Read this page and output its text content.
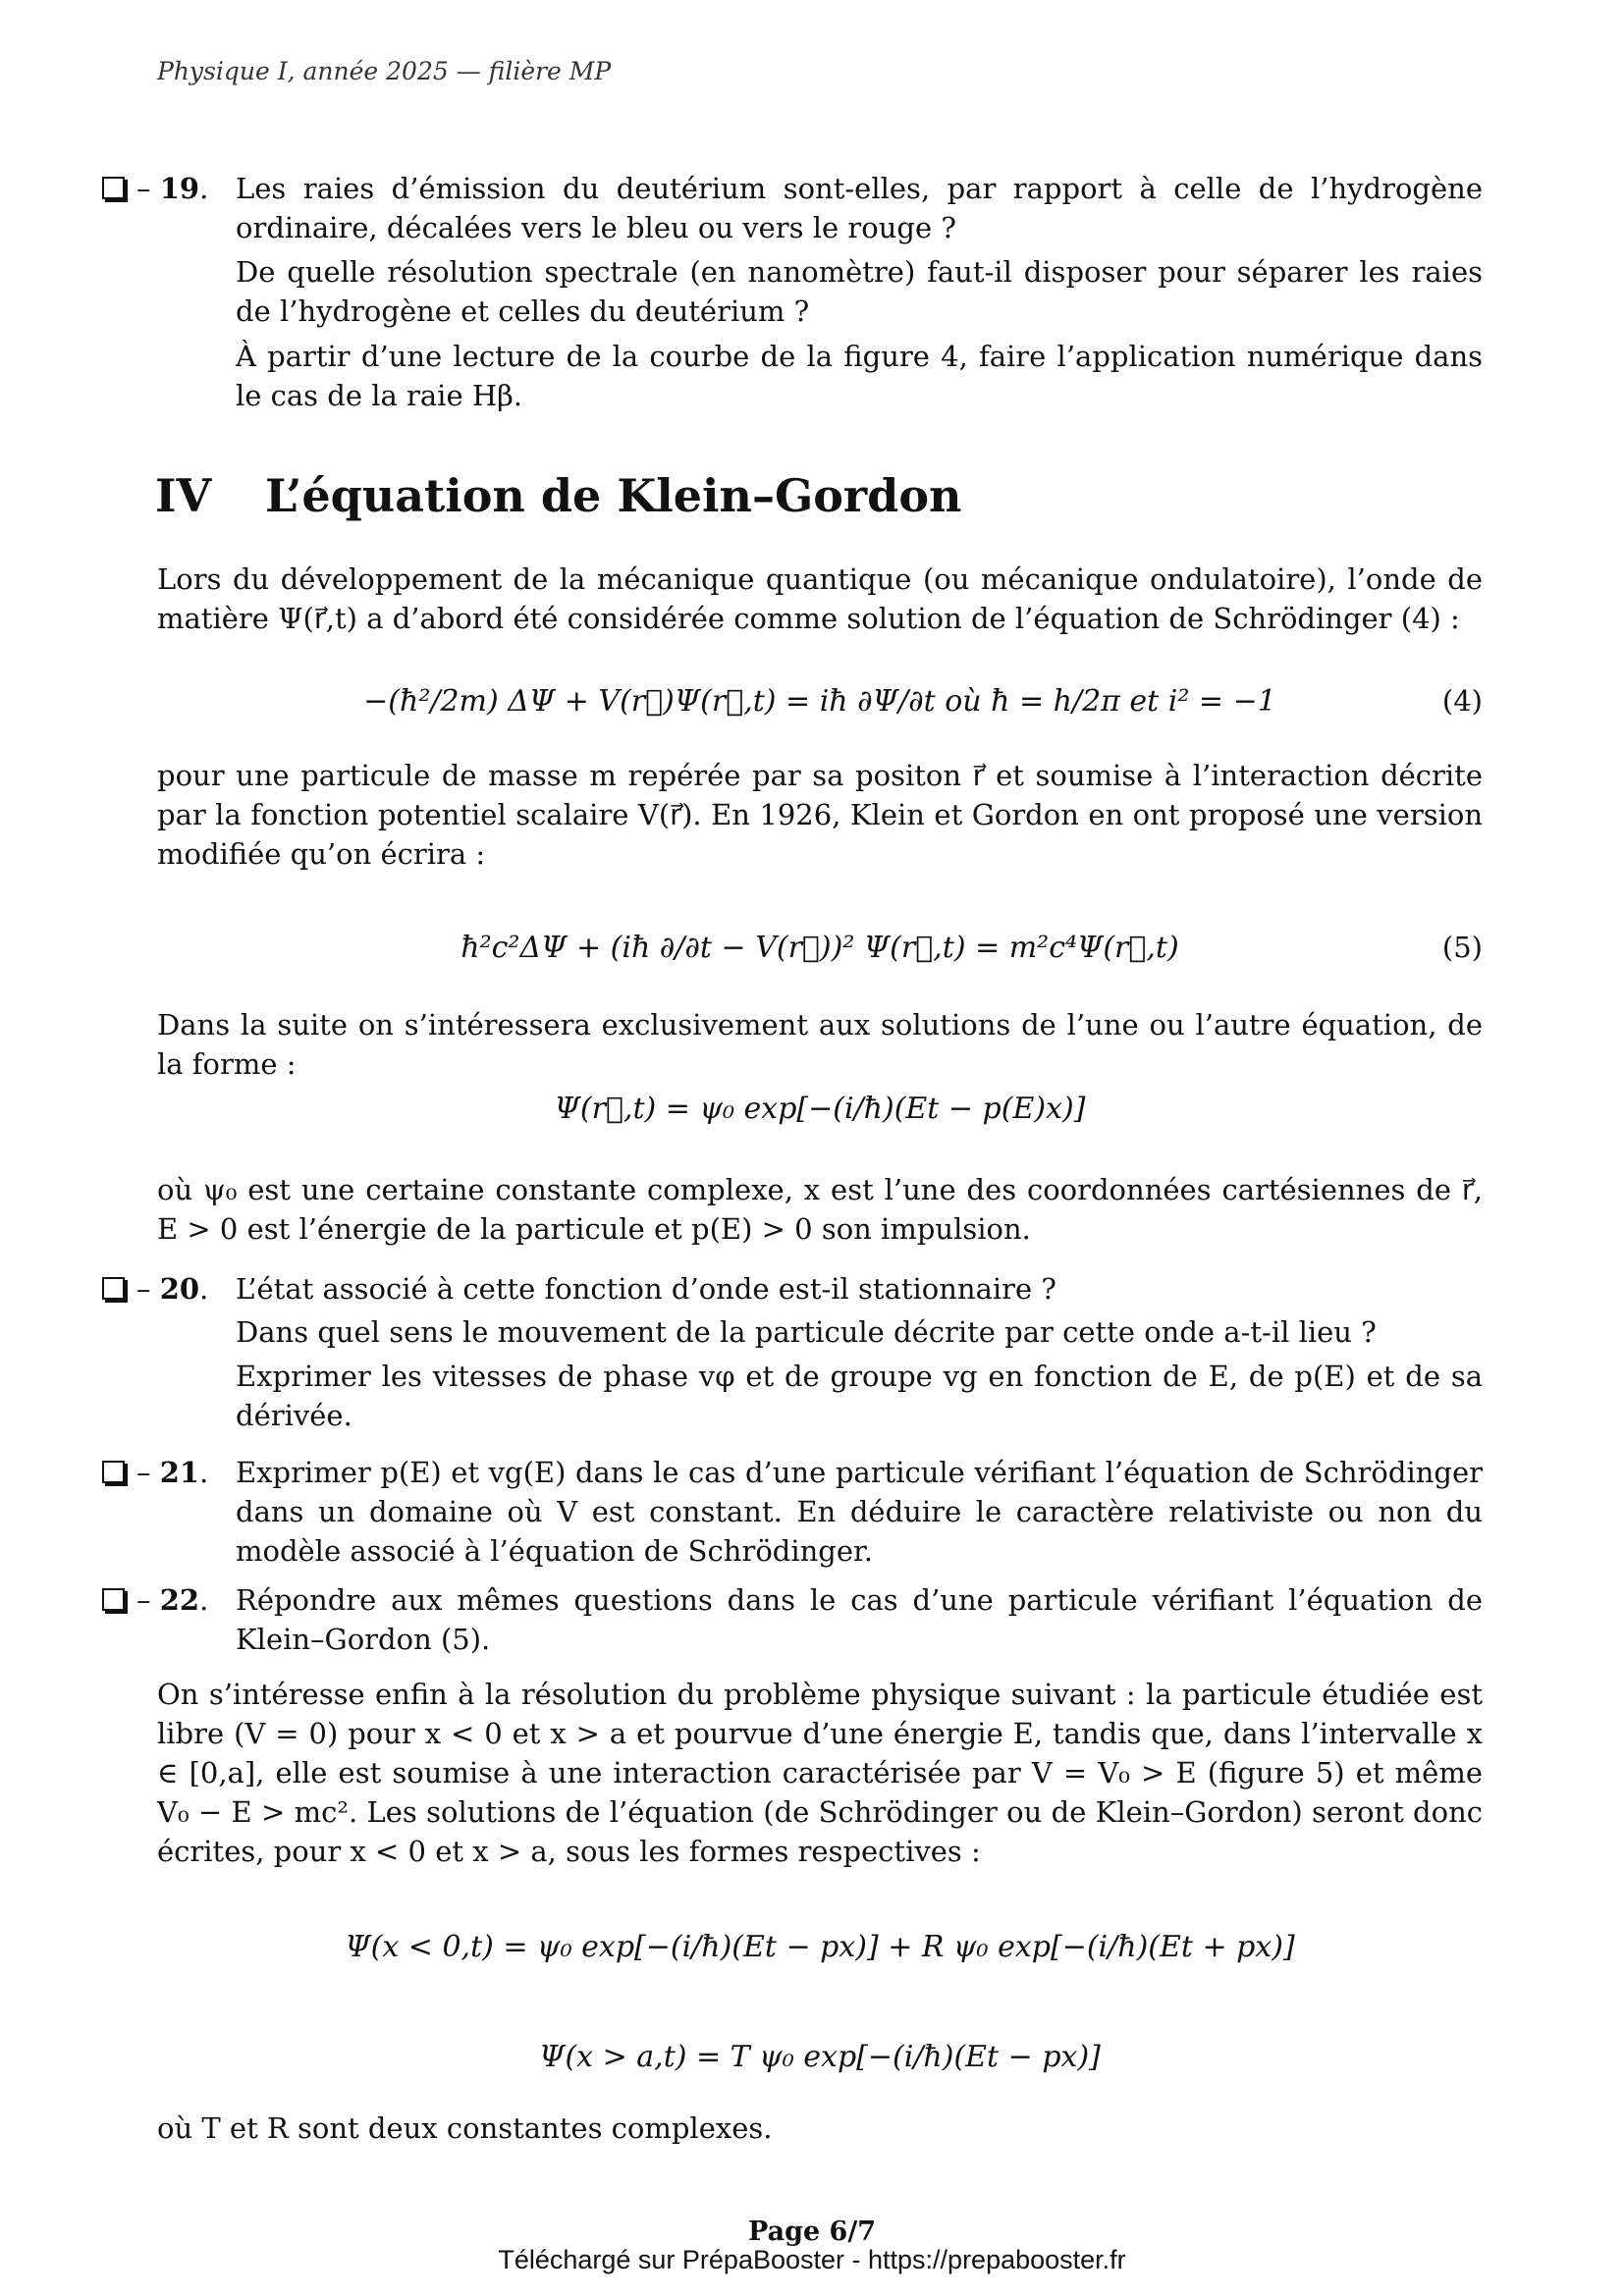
Physique I, année 2025 — filière MP
– 19. Les raies d’émission du deutérium sont-elles, par rapport à celle de l’hydrogène ordinaire, décalées vers le bleu ou vers le rouge ?
De quelle résolution spectrale (en nanomètre) faut-il disposer pour séparer les raies de l’hydrogène et celles du deutérium ?
À partir d’une lecture de la courbe de la figure 4, faire l’application numérique dans le cas de la raie Hβ.
IV L’équation de Klein–Gordon
Lors du développement de la mécanique quantique (ou mécanique ondulatoire), l’onde de matière Ψ(r⃗,t) a d’abord été considérée comme solution de l’équation de Schrödinger (4) :
−(ħ²/2m) ΔΨ + V(r⃗)Ψ(r⃗,t) = iħ ∂Ψ/∂t où ħ = h/2π et i² = −1	(4)
pour une particule de masse m repérée par sa positon r⃗ et soumise à l’interaction décrite par la fonction potentiel scalaire V(r⃗). En 1926, Klein et Gordon en ont proposé une version modifiée qu’on écrira :
ħ²c²ΔΨ + (iħ ∂/∂t − V(r⃗))² Ψ(r⃗,t) = m²c⁴Ψ(r⃗,t)	(5)
Dans la suite on s’intéressera exclusivement aux solutions de l’une ou l’autre équation, de la forme :
Ψ(r⃗,t) = ψ₀ exp[−(i/ħ)(Et − p(E)x)]
où ψ₀ est une certaine constante complexe, x est l’une des coordonnées cartésiennes de r⃗, E > 0 est l’énergie de la particule et p(E) > 0 son impulsion.
– 20. L’état associé à cette fonction d’onde est-il stationnaire ?
Dans quel sens le mouvement de la particule décrite par cette onde a-t-il lieu ?
Exprimer les vitesses de phase vφ et de groupe vg en fonction de E, de p(E) et de sa dérivée.
– 21. Exprimer p(E) et vg(E) dans le cas d’une particule vérifiant l’équation de Schrödinger dans un domaine où V est constant. En déduire le caractère relativiste ou non du modèle associé à l’équation de Schrödinger.
– 22. Répondre aux mêmes questions dans le cas d’une particule vérifiant l’équation de Klein–Gordon (5).
On s’intéresse enfin à la résolution du problème physique suivant : la particule étudiée est libre (V = 0) pour x < 0 et x > a et pourvue d’une énergie E, tandis que, dans l’intervalle x ∈ [0,a], elle est soumise à une interaction caractérisée par V = V₀ > E (figure 5) et même V₀ − E > mc². Les solutions de l’équation (de Schrödinger ou de Klein–Gordon) seront donc écrites, pour x < 0 et x > a, sous les formes respectives :
Ψ(x < 0,t) = ψ₀ exp[−(i/ħ)(Et − px)] + R ψ₀ exp[−(i/ħ)(Et + px)]
Ψ(x > a,t) = T ψ₀ exp[−(i/ħ)(Et − px)]
où T et R sont deux constantes complexes.
Page 6/7
Téléchargé sur PrépaBooster - https://prepabooster.fr
